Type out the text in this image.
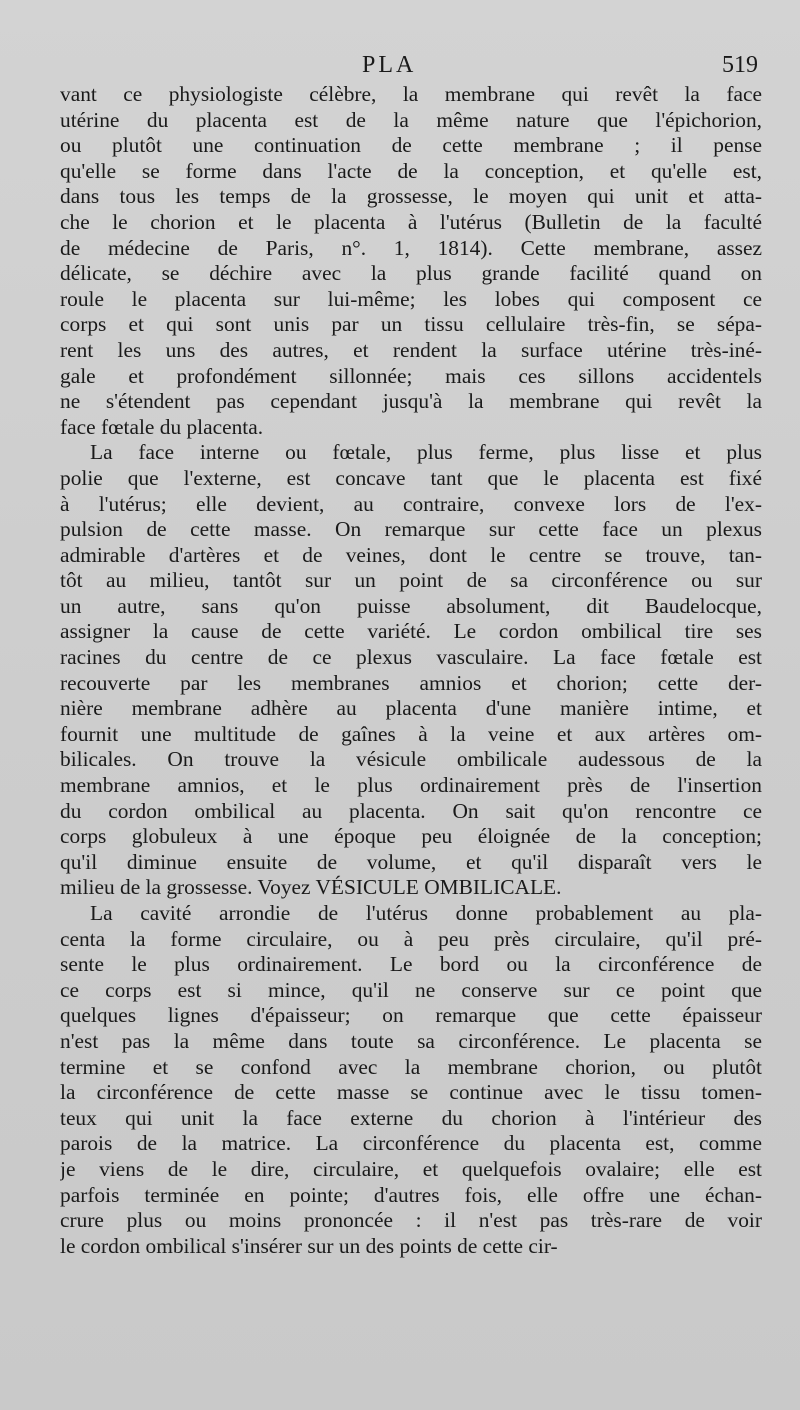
PLA	519
vant ce physiologiste célèbre, la membrane qui revêt la face
utérine du placenta est de la même nature que l'épichorion,
ou plutôt une continuation de cette membrane ; il pense
qu'elle se forme dans l'acte de la conception, et qu'elle est,
dans tous les temps de la grossesse, le moyen qui unit et atta-
che le chorion et le placenta à l'utérus (Bulletin de la faculté
de médecine de Paris, n°. 1, 1814). Cette membrane, assez
délicate, se déchire avec la plus grande facilité quand on
roule le placenta sur lui-même; les lobes qui composent ce
corps et qui sont unis par un tissu cellulaire très-fin, se sépa-
rent les uns des autres, et rendent la surface utérine très-iné-
gale et profondément sillonnée; mais ces sillons accidentels
ne s'étendent pas cependant jusqu'à la membrane qui revêt la
face fœtale du placenta.
La face interne ou fœtale, plus ferme, plus lisse et plus
polie que l'externe, est concave tant que le placenta est fixé
à l'utérus; elle devient, au contraire, convexe lors de l'ex-
pulsion de cette masse. On remarque sur cette face un plexus
admirable d'artères et de veines, dont le centre se trouve, tan-
tôt au milieu, tantôt sur un point de sa circonférence ou sur
un autre, sans qu'on puisse absolument, dit Baudelocque,
assigner la cause de cette variété. Le cordon ombilical tire ses
racines du centre de ce plexus vasculaire. La face fœtale est
recouverte par les membranes amnios et chorion; cette der-
nière membrane adhère au placenta d'une manière intime, et
fournit une multitude de gaînes à la veine et aux artères om-
bilicales. On trouve la vésicule ombilicale audessous de la
membrane amnios, et le plus ordinairement près de l'insertion
du cordon ombilical au placenta. On sait qu'on rencontre ce
corps globuleux à une époque peu éloignée de la conception;
qu'il diminue ensuite de volume, et qu'il disparaît vers le
milieu de la grossesse. Voyez VÉSICULE OMBILICALE.
La cavité arrondie de l'utérus donne probablement au pla-
centa la forme circulaire, ou à peu près circulaire, qu'il pré-
sente le plus ordinairement. Le bord ou la circonférence de
ce corps est si mince, qu'il ne conserve sur ce point que
quelques lignes d'épaisseur; on remarque que cette épaisseur
n'est pas la même dans toute sa circonférence. Le placenta se
termine et se confond avec la membrane chorion, ou plutôt
la circonférence de cette masse se continue avec le tissu tomen-
teux qui unit la face externe du chorion à l'intérieur des
parois de la matrice. La circonférence du placenta est, comme
je viens de le dire, circulaire, et quelquefois ovalaire; elle est
parfois terminée en pointe; d'autres fois, elle offre une échan-
crure plus ou moins prononcée : il n'est pas très-rare de voir
le cordon ombilical s'insérer sur un des points de cette cir-
